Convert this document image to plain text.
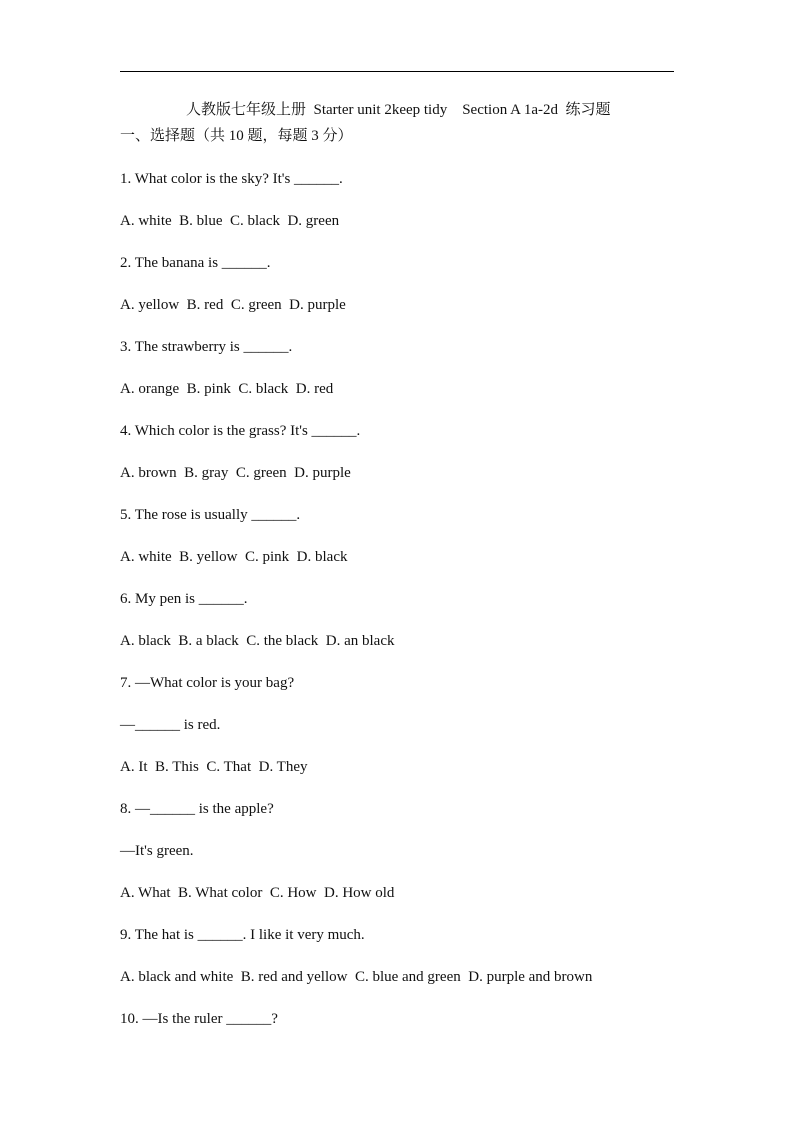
人教版七年级上册  Starter unit 2keep tidy    Section A 1a-2d  练习题
一、选择题（共 10 题，每题 3 分）
1. What color is the sky? It's ______.
A. white  B. blue  C. black  D. green
2. The banana is ______.
A. yellow  B. red  C. green  D. purple
3. The strawberry is ______.
A. orange  B. pink  C. black  D. red
4. Which color is the grass? It's ______.
A. brown  B. gray  C. green  D. purple
5. The rose is usually ______.
A. white  B. yellow  C. pink  D. black
6. My pen is ______.
A. black  B. a black  C. the black  D. an black
7. —What color is your bag?
—______ is red.
A. It  B. This  C. That  D. They
8. —______ is the apple?
—It's green.
A. What  B. What color  C. How  D. How old
9. The hat is ______. I like it very much.
A. black and white  B. red and yellow  C. blue and green  D. purple and brown
10. —Is the ruler ______?
